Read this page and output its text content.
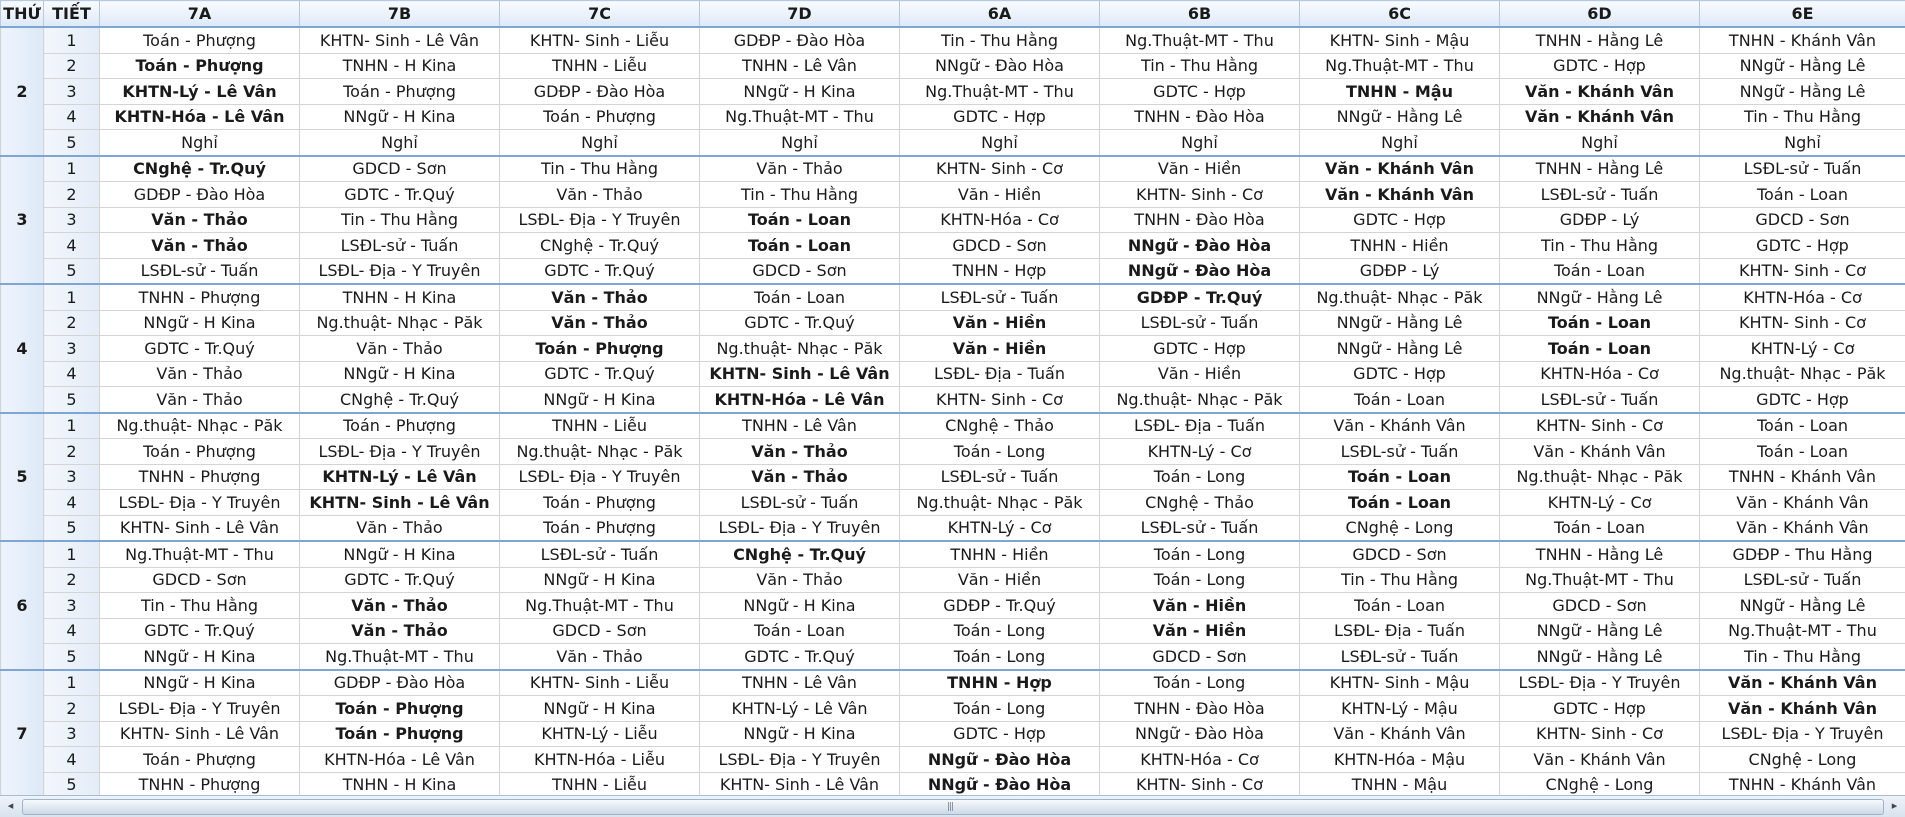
THỨ	TIẾT	7A	7B	7C	7D	6A	6B	6C	6D	6E
2	1	Toán - Phượng	KHTN- Sinh - Lê Vân	KHTN- Sinh - Liễu	GDĐP - Đào Hòa	Tin - Thu Hằng	Ng.Thuật-MT - Thu	KHTN- Sinh - Mậu	TNHN - Hằng Lê	TNHN - Khánh Vân
	2	Toán - Phượng	TNHN - H Kina	TNHN - Liễu	TNHN - Lê Vân	NNgữ - Đào Hòa	Tin - Thu Hằng	Ng.Thuật-MT - Thu	GDTC - Hợp	NNgữ - Hằng Lê
	3	KHTN-Lý - Lê Vân	Toán - Phượng	GDĐP - Đào Hòa	NNgữ - H Kina	Ng.Thuật-MT - Thu	GDTC - Hợp	TNHN - Mậu	Văn - Khánh Vân	NNgữ - Hằng Lê
	4	KHTN-Hóa - Lê Vân	NNgữ - H Kina	Toán - Phượng	Ng.Thuật-MT - Thu	GDTC - Hợp	TNHN - Đào Hòa	NNgữ - Hằng Lê	Văn - Khánh Vân	Tin - Thu Hằng
	5	Nghỉ	Nghỉ	Nghỉ	Nghỉ	Nghỉ	Nghỉ	Nghỉ	Nghỉ	Nghỉ
3	1	CNghệ - Tr.Quý	GDCD - Sơn	Tin - Thu Hằng	Văn - Thảo	KHTN- Sinh - Cơ	Văn - Hiền	Văn - Khánh Vân	TNHN - Hằng Lê	LSĐL-sử - Tuấn
	2	GDĐP - Đào Hòa	GDTC - Tr.Quý	Văn - Thảo	Tin - Thu Hằng	Văn - Hiền	KHTN- Sinh - Cơ	Văn - Khánh Vân	LSĐL-sử - Tuấn	Toán - Loan
	3	Văn - Thảo	Tin - Thu Hằng	LSĐL- Địa - Y Truyên	Toán - Loan	KHTN-Hóa - Cơ	TNHN - Đào Hòa	GDTC - Hợp	GDĐP - Lý	GDCD - Sơn
	4	Văn - Thảo	LSĐL-sử - Tuấn	CNghệ - Tr.Quý	Toán - Loan	GDCD - Sơn	NNgữ - Đào Hòa	TNHN - Hiền	Tin - Thu Hằng	GDTC - Hợp
	5	LSĐL-sử - Tuấn	LSĐL- Địa - Y Truyên	GDTC - Tr.Quý	GDCD - Sơn	TNHN - Hợp	NNgữ - Đào Hòa	GDĐP - Lý	Toán - Loan	KHTN- Sinh - Cơ
4	1	TNHN - Phượng	TNHN - H Kina	Văn - Thảo	Toán - Loan	LSĐL-sử - Tuấn	GDĐP - Tr.Quý	Ng.thuật- Nhạc - Păk	NNgữ - Hằng Lê	KHTN-Hóa - Cơ
	2	NNgữ - H Kina	Ng.thuật- Nhạc - Păk	Văn - Thảo	GDTC - Tr.Quý	Văn - Hiền	LSĐL-sử - Tuấn	NNgữ - Hằng Lê	Toán - Loan	KHTN- Sinh - Cơ
	3	GDTC - Tr.Quý	Văn - Thảo	Toán - Phượng	Ng.thuật- Nhạc - Păk	Văn - Hiền	GDTC - Hợp	NNgữ - Hằng Lê	Toán - Loan	KHTN-Lý - Cơ
	4	Văn - Thảo	NNgữ - H Kina	GDTC - Tr.Quý	KHTN- Sinh - Lê Vân	LSĐL- Địa - Tuấn	Văn - Hiền	GDTC - Hợp	KHTN-Hóa - Cơ	Ng.thuật- Nhạc - Păk
	5	Văn - Thảo	CNghệ - Tr.Quý	NNgữ - H Kina	KHTN-Hóa - Lê Vân	KHTN- Sinh - Cơ	Ng.thuật- Nhạc - Păk	Toán - Loan	LSĐL-sử - Tuấn	GDTC - Hợp
5	1	Ng.thuật- Nhạc - Păk	Toán - Phượng	TNHN - Liễu	TNHN - Lê Vân	CNghệ - Thảo	LSĐL- Địa - Tuấn	Văn - Khánh Vân	KHTN- Sinh - Cơ	Toán - Loan
	2	Toán - Phượng	LSĐL- Địa - Y Truyên	Ng.thuật- Nhạc - Păk	Văn - Thảo	Toán - Long	KHTN-Lý - Cơ	LSĐL-sử - Tuấn	Văn - Khánh Vân	Toán - Loan
	3	TNHN - Phượng	KHTN-Lý - Lê Vân	LSĐL- Địa - Y Truyên	Văn - Thảo	LSĐL-sử - Tuấn	Toán - Long	Toán - Loan	Ng.thuật- Nhạc - Păk	TNHN - Khánh Vân
	4	LSĐL- Địa - Y Truyên	KHTN- Sinh - Lê Vân	Toán - Phượng	LSĐL-sử - Tuấn	Ng.thuật- Nhạc - Păk	CNghệ - Thảo	Toán - Loan	KHTN-Lý - Cơ	Văn - Khánh Vân
	5	KHTN- Sinh - Lê Vân	Văn - Thảo	Toán - Phượng	LSĐL- Địa - Y Truyên	KHTN-Lý - Cơ	LSĐL-sử - Tuấn	CNghệ - Long	Toán - Loan	Văn - Khánh Vân
6	1	Ng.Thuật-MT - Thu	NNgữ - H Kina	LSĐL-sử - Tuấn	CNghệ - Tr.Quý	TNHN - Hiền	Toán - Long	GDCD - Sơn	TNHN - Hằng Lê	GDĐP - Thu Hằng
	2	GDCD - Sơn	GDTC - Tr.Quý	NNgữ - H Kina	Văn - Thảo	Văn - Hiền	Toán - Long	Tin - Thu Hằng	Ng.Thuật-MT - Thu	LSĐL-sử - Tuấn
	3	Tin - Thu Hằng	Văn - Thảo	Ng.Thuật-MT - Thu	NNgữ - H Kina	GDĐP - Tr.Quý	Văn - Hiền	Toán - Loan	GDCD - Sơn	NNgữ - Hằng Lê
	4	GDTC - Tr.Quý	Văn - Thảo	GDCD - Sơn	Toán - Loan	Toán - Long	Văn - Hiền	LSĐL- Địa - Tuấn	NNgữ - Hằng Lê	Ng.Thuật-MT - Thu
	5	NNgữ - H Kina	Ng.Thuật-MT - Thu	Văn - Thảo	GDTC - Tr.Quý	Toán - Long	GDCD - Sơn	LSĐL-sử - Tuấn	NNgữ - Hằng Lê	Tin - Thu Hằng
7	1	NNgữ - H Kina	GDĐP - Đào Hòa	KHTN- Sinh - Liễu	TNHN - Lê Vân	TNHN - Hợp	Toán - Long	KHTN- Sinh - Mậu	LSĐL- Địa - Y Truyên	Văn - Khánh Vân
	2	LSĐL- Địa - Y Truyên	Toán - Phượng	NNgữ - H Kina	KHTN-Lý - Lê Vân	Toán - Long	TNHN - Đào Hòa	KHTN-Lý - Mậu	GDTC - Hợp	Văn - Khánh Vân
	3	KHTN- Sinh - Lê Vân	Toán - Phượng	KHTN-Lý - Liễu	NNgữ - H Kina	GDTC - Hợp	NNgữ - Đào Hòa	Văn - Khánh Vân	KHTN- Sinh - Cơ	LSĐL- Địa - Y Truyên
	4	Toán - Phượng	KHTN-Hóa - Lê Vân	KHTN-Hóa - Liễu	LSĐL- Địa - Y Truyên	NNgữ - Đào Hòa	KHTN-Hóa - Cơ	KHTN-Hóa - Mậu	Văn - Khánh Vân	CNghệ - Long
	5	TNHN - Phượng	TNHN - H Kina	TNHN - Liễu	KHTN- Sinh - Lê Vân	NNgữ - Đào Hòa	KHTN- Sinh - Cơ	TNHN - Mậu	CNghệ - Long	TNHN - Khánh Vân
◂	|||	▸
